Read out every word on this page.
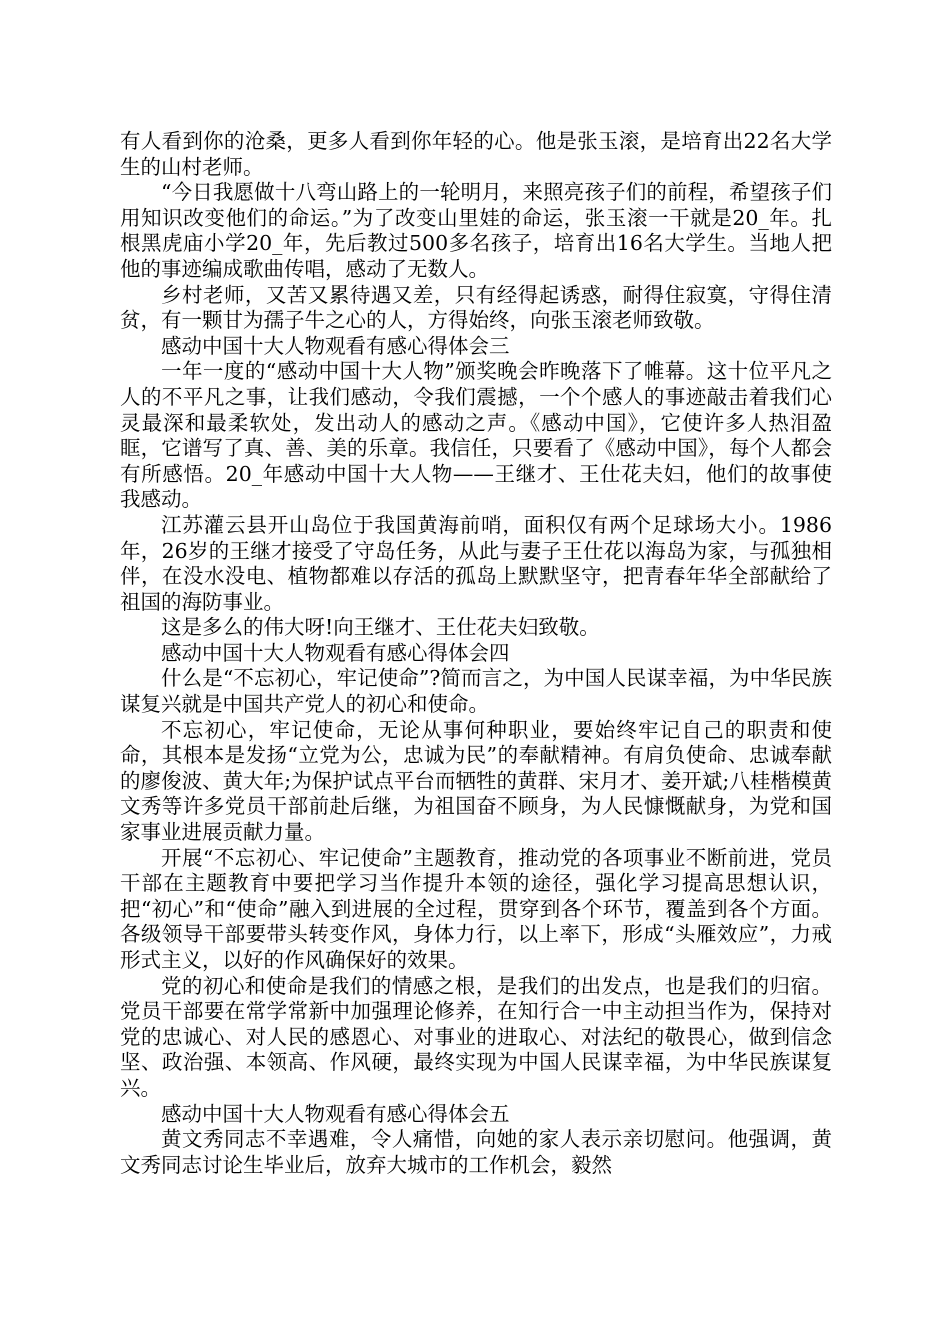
有人看到你的沧桑，更多人看到你年轻的心。他是张玉滚，是培育出22名大学生的山村老师。

“今日我愿做十八弯山路上的一轮明月，来照亮孩子们的前程，希望孩子们用知识改变他们的命运。”为了改变山里娃的命运，张玉滚一干就是20_年。扎根黑虎庙小学20_年，先后教过500多名孩子，培育出16名大学生。当地人把他的事迹编成歌曲传唱，感动了无数人。

乡村老师，又苦又累待遇又差，只有经得起诱惑，耐得住寂寞，守得住清贫，有一颗甘为孺子牛之心的人，方得始终，向张玉滚老师致敬。

感动中国十大人物观看有感心得体会三

一年一度的“感动中国十大人物”颁奖晚会昨晚落下了帷幕。这十位平凡之人的不平凡之事，让我们感动，令我们震撼，一个个感人的事迹敲击着我们心灵最深和最柔软处，发出动人的感动之声。《感动中国》，它使许多人热泪盈眶，它谱写了真、善、美的乐章。我信任，只要看了《感动中国》，每个人都会有所感悟。20_年感动中国十大人物——王继才、王仕花夫妇，他们的故事使我感动。

江苏灌云县开山岛位于我国黄海前哨，面积仅有两个足球场大小。1986年，26岁的王继才接受了守岛任务，从此与妻子王仕花以海岛为家，与孤独相伴，在没水没电、植物都难以存活的孤岛上默默坚守，把青春年华全部献给了祖国的海防事业。

这是多么的伟大呀!向王继才、王仕花夫妇致敬。

感动中国十大人物观看有感心得体会四

什么是“不忘初心，牢记使命”?简而言之，为中国人民谋幸福，为中华民族谋复兴就是中国共产党人的初心和使命。

不忘初心，牢记使命，无论从事何种职业，要始终牢记自己的职责和使命，其根本是发扬“立党为公，忠诚为民”的奉献精神。有肩负使命、忠诚奉献的廖俊波、黄大年;为保护试点平台而牺牲的黄群、宋月才、姜开斌;八桂楷模黄文秀等许多党员干部前赴后继，为祖国奋不顾身，为人民慷慨献身，为党和国家事业进展贡献力量。

开展“不忘初心、牢记使命”主题教育，推动党的各项事业不断前进，党员干部在主题教育中要把学习当作提升本领的途径，强化学习提高思想认识，把“初心”和“使命”融入到进展的全过程，贯穿到各个环节，覆盖到各个方面。各级领导干部要带头转变作风，身体力行，以上率下，形成“头雁效应”，力戒形式主义，以好的作风确保好的效果。

党的初心和使命是我们的情感之根，是我们的出发点，也是我们的归宿。党员干部要在常学常新中加强理论修养，在知行合一中主动担当作为，保持对党的忠诚心、对人民的感恩心、对事业的进取心、对法纪的敬畏心，做到信念坚、政治强、本领高、作风硬，最终实现为中国人民谋幸福，为中华民族谋复兴。

感动中国十大人物观看有感心得体会五

黄文秀同志不幸遇难，令人痛惜，向她的家人表示亲切慰问。他强调，黄文秀同志讨论生毕业后，放弃大城市的工作机会，毅然
